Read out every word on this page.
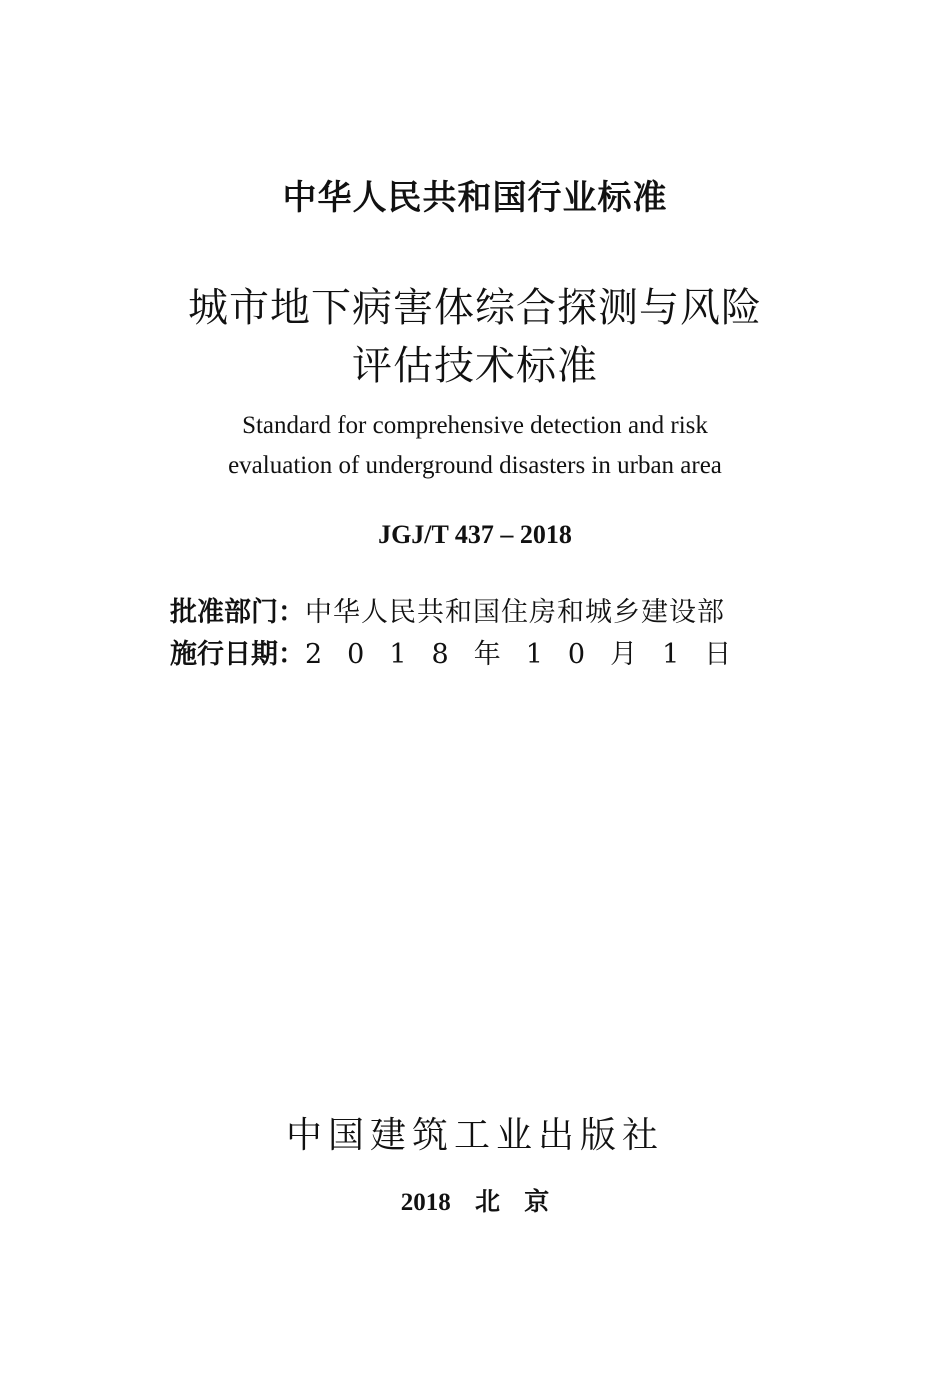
中华人民共和国行业标准
城市地下病害体综合探测与风险
评估技术标准
Standard for comprehensive detection and risk
evaluation of underground disasters in urban area
JGJ/T 437 – 2018
批准部门：中华人民共和国住房和城乡建设部
施行日期：2018年10月1日
中国建筑工业出版社
2018 北 京
